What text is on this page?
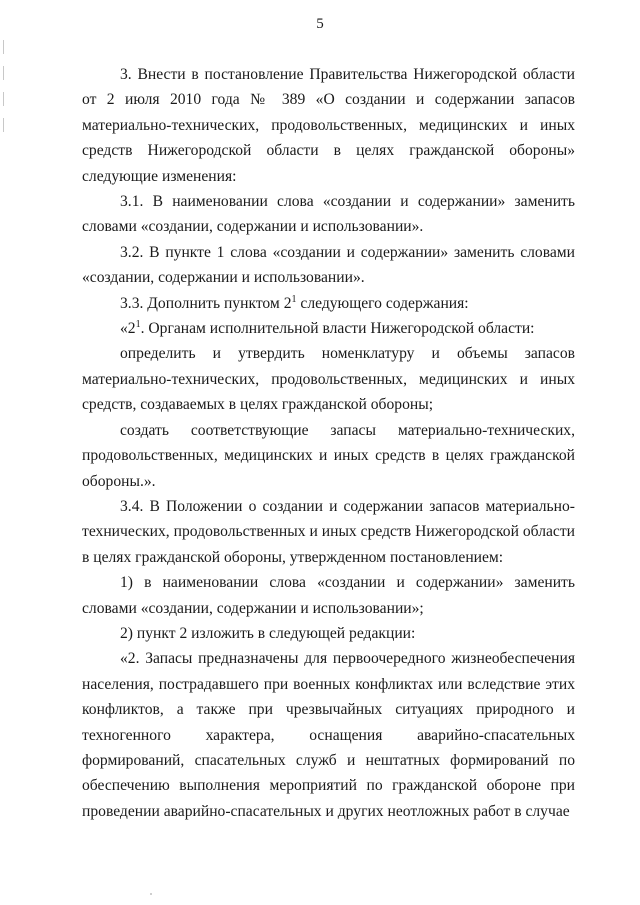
5

3. Внести в постановление Правительства Нижегородской области от 2 июля 2010 года № 389 «О создании и содержании запасов материально-технических, продовольственных, медицинских и иных средств Нижегородской области в целях гражданской обороны» следующие изменения:

3.1. В наименовании слова «создании и содержании» заменить словами «создании, содержании и использовании».

3.2. В пункте 1 слова «создании и содержании» заменить словами «создании, содержании и использовании».

3.3. Дополнить пунктом $2^1$ следующего содержания:

«$2^1$. Органам исполнительной власти Нижегородской области:

определить и утвердить номенклатуру и объемы запасов материально-технических, продовольственных, медицинских и иных средств, создаваемых в целях гражданской обороны;

создать соответствующие запасы материально-технических, продовольственных, медицинских и иных средств в целях гражданской обороны.».

3.4. В Положении о создании и содержании запасов материально-технических, продовольственных и иных средств Нижегородской области в целях гражданской обороны, утвержденном постановлением:

1) в наименовании слова «создании и содержании» заменить словами «создании, содержании и использовании»;

2) пункт 2 изложить в следующей редакции:

«2. Запасы предназначены для первоочередного жизнеобеспечения населения, пострадавшего при военных конфликтах или вследствие этих конфликтов, а также при чрезвычайных ситуациях природного и техногенного характера, оснащения аварийно-спасательных формирований, спасательных служб и нештатных формирований по обеспечению выполнения мероприятий по гражданской обороне при проведении аварийно-спасательных и других неотложных работ в случае
